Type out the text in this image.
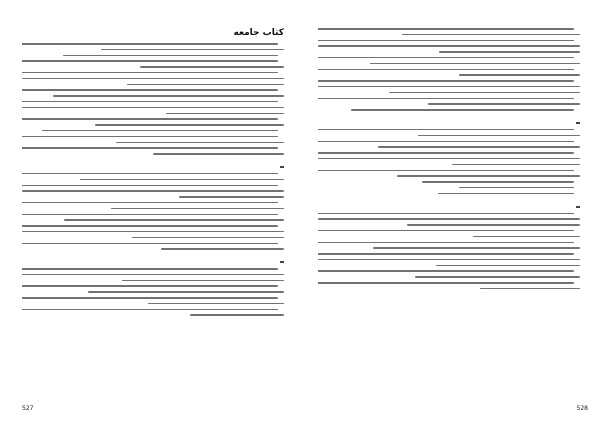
کتاب جامعه
527	528
